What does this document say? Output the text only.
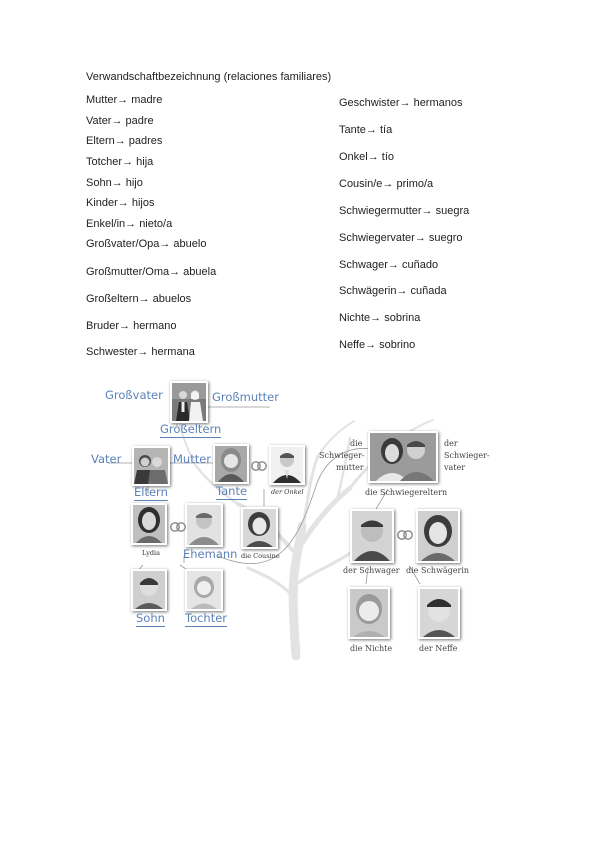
Verwandschaftbezeichnung (relaciones familiares)
Mutter→ madre
Vater→ padre
Eltern→ padres
Totcher→ hija
Sohn→ hijo
Kinder→ hijos
Enkel/in→ nieto/a
Großvater/Opa→ abuelo
Großmutter/Oma→ abuela
Großeltern→ abuelos
Bruder→ hermano
Schwester→ hermana
Geschwister→ hermanos
Tante→ tía
Onkel→ tío
Cousin/e→ primo/a
Schwiegermutter→ suegra
Schwiegervater→ suegro
Schwager→ cuñado
Schwägerin→ cuñada
Nichte→ sobrina
Neffe→ sobrino
Großvater	Großmutter
Großeltern
Vater	Mutter
Eltern	Tante
Ehemann
Sohn Tochter
der Onkel
Lydia	die Cousine
die
Schwieger-
mutter
der
Schwieger-
vater
die Schwiegereltern
der Schwager die Schwägerin
die Nichte	der Neffe
